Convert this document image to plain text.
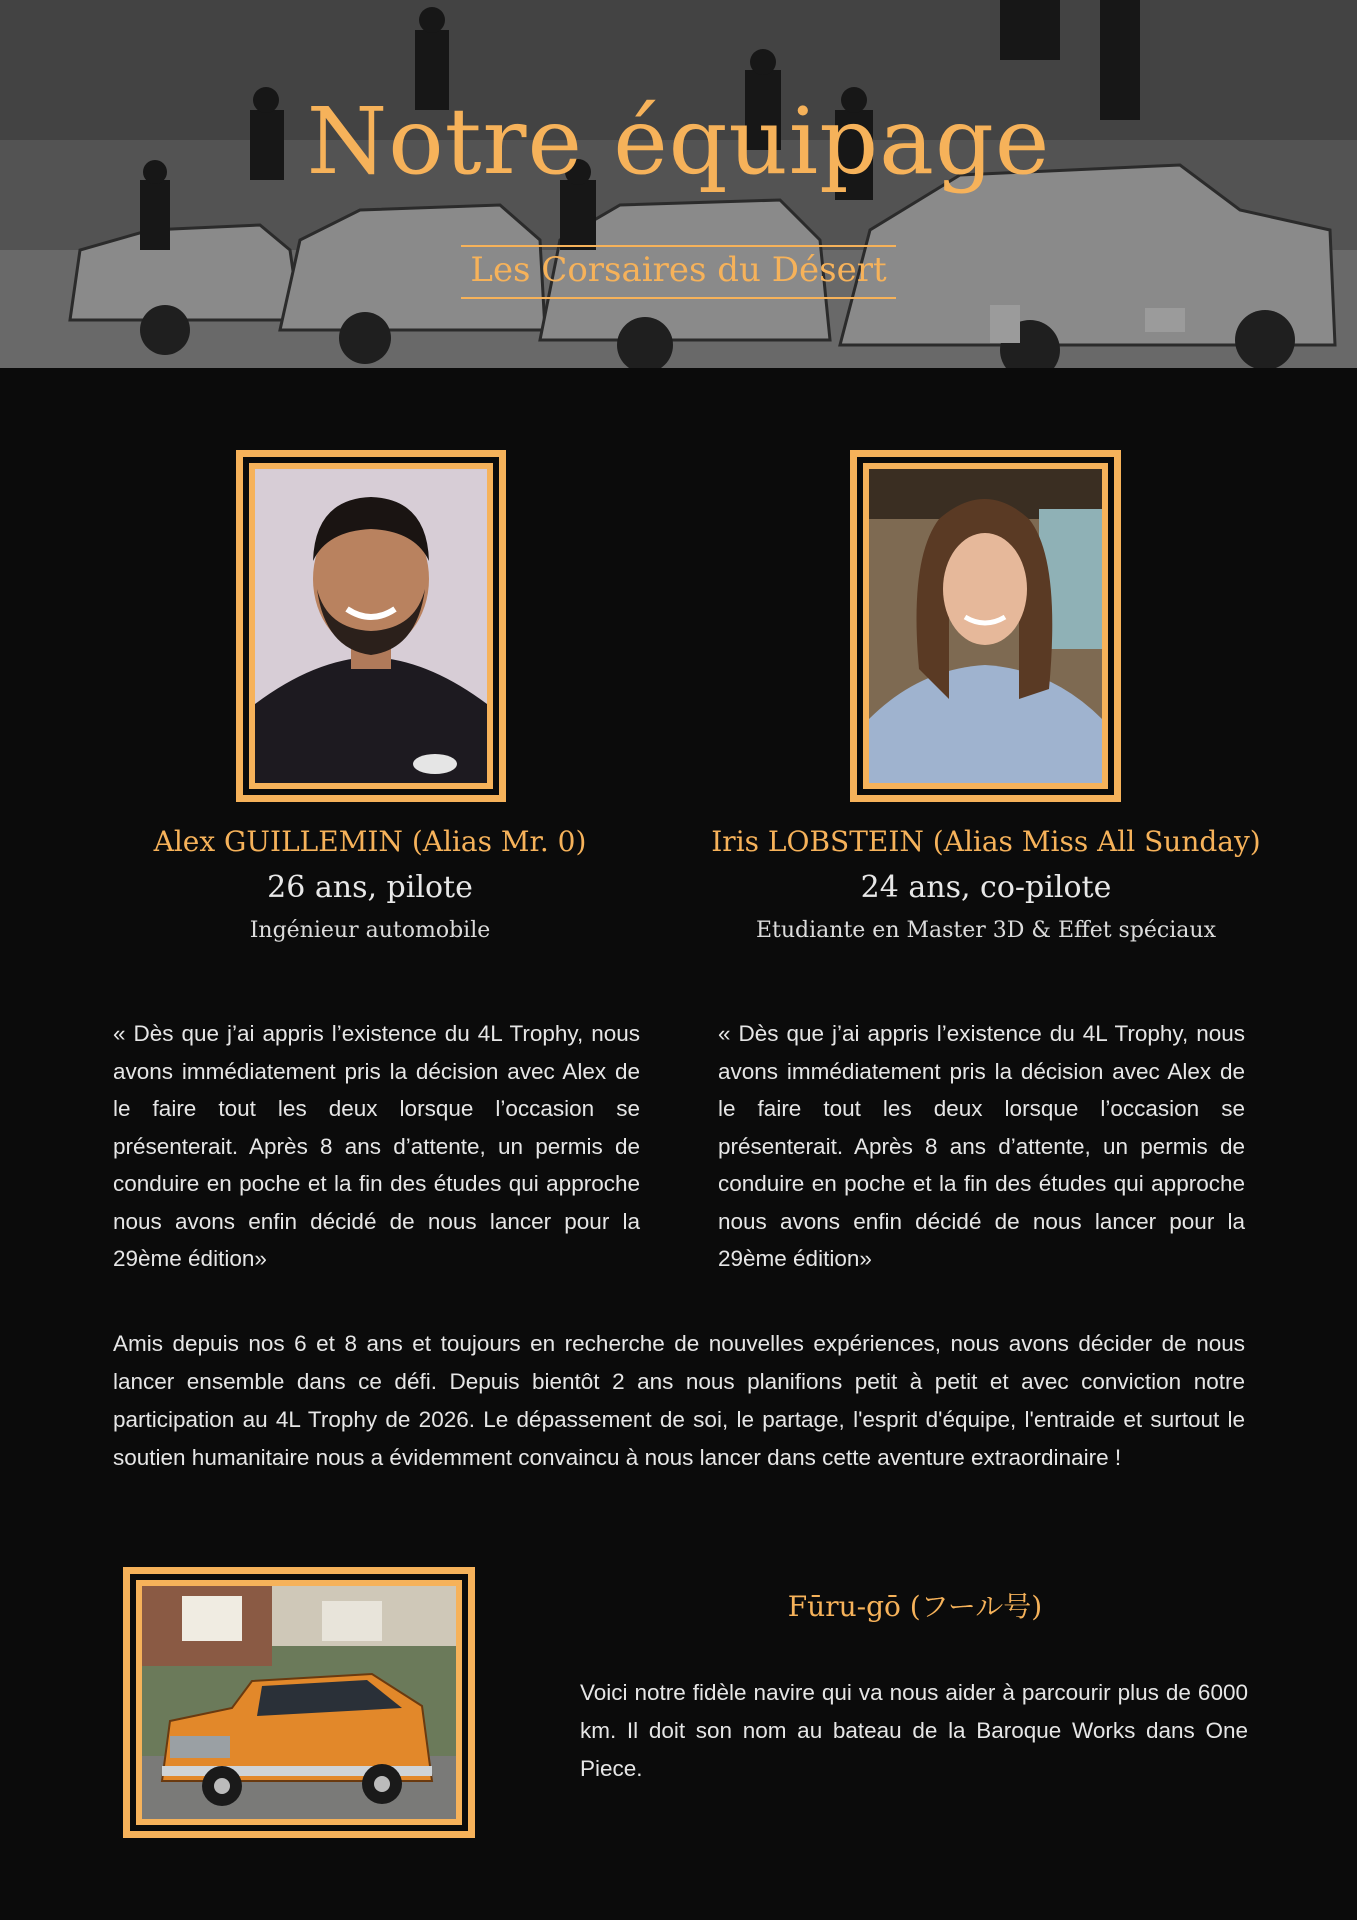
Notre équipage
Les Corsaires du Désert

Alex GUILLEMIN (Alias Mr. 0)

26 ans, pilote

Ingénieur automobile

Iris LOBSTEIN (Alias Miss All Sunday)

24 ans, co-pilote

Etudiante en Master 3D & Effet spéciaux

« Dès que j’ai appris l’existence du 4L Trophy, nous avons immédiatement pris la décision avec Alex de le faire tout les deux lorsque l’occasion se présenterait. Après 8 ans d’attente, un permis de conduire en poche et la fin des études qui approche nous avons enfin décidé de nous lancer pour la 29ème édition»

« Dès que j’ai appris l’existence du 4L Trophy, nous avons immédiatement pris la décision avec Alex de le faire tout les deux lorsque l’occasion se présenterait. Après 8 ans d’attente, un permis de conduire en poche et la fin des études qui approche nous avons enfin décidé de nous lancer pour la 29ème édition»

Amis depuis nos 6 et 8 ans et toujours en recherche de nouvelles expériences, nous avons décider de nous lancer ensemble dans ce défi. Depuis bientôt 2 ans nous planifions petit à petit et avec conviction notre participation au 4L Trophy de 2026. Le dépassement de soi, le partage, l'esprit d'équipe, l'entraide et surtout le soutien humanitaire nous a évidemment convaincu à nous lancer dans cette aventure extraordinaire !

Fūru-gō (フール号)

Voici notre fidèle navire qui va nous aider à parcourir plus de 6000 km. Il doit son nom au bateau de la Baroque Works dans One Piece.
